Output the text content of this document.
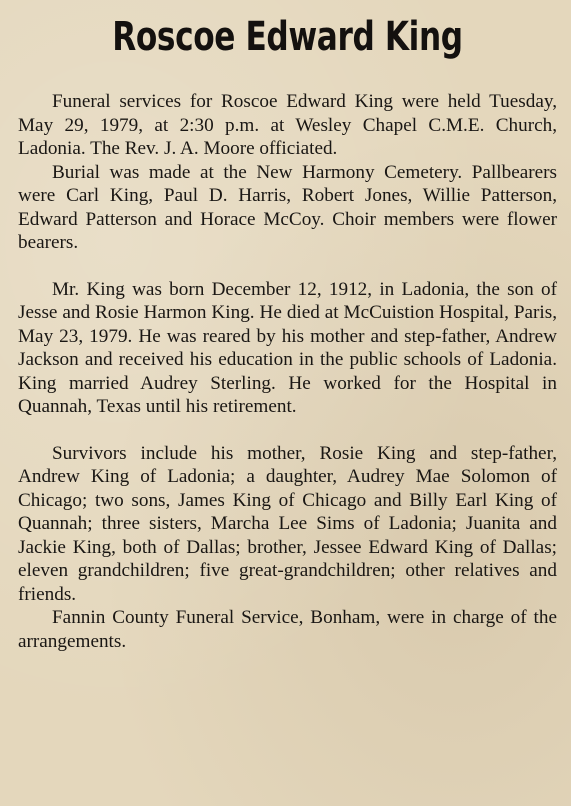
Roscoe Edward King

Funeral services for Roscoe Edward King were held Tuesday, May 29, 1979, at 2:30 p.m. at Wesley Chapel C.M.E. Church, Ladonia. The Rev. J. A. Moore officiated.

Burial was made at the New Harmony Cemetery. Pallbearers were Carl King, Paul D. Harris, Robert Jones, Willie Patterson, Edward Patterson and Horace McCoy. Choir members were flower bearers.

Mr. King was born December 12, 1912, in Ladonia, the son of Jesse and Rosie Harmon King. He died at McCuistion Hospital, Paris, May 23, 1979. He was reared by his mother and step-father, Andrew Jackson and received his education in the public schools of Ladonia. King married Audrey Sterling. He worked for the Hospital in Quannah, Texas until his retirement.

Survivors include his mother, Rosie King and step-father, Andrew King of Ladonia; a daughter, Audrey Mae Solomon of Chicago; two sons, James King of Chicago and Billy Earl King of Quannah; three sisters, Marcha Lee Sims of Ladonia; Juanita and Jackie King, both of Dallas; brother, Jessee Edward King of Dallas; eleven grandchildren; five great-grandchildren; other relatives and friends.

Fannin County Funeral Service, Bonham, were in charge of the arrangements.
